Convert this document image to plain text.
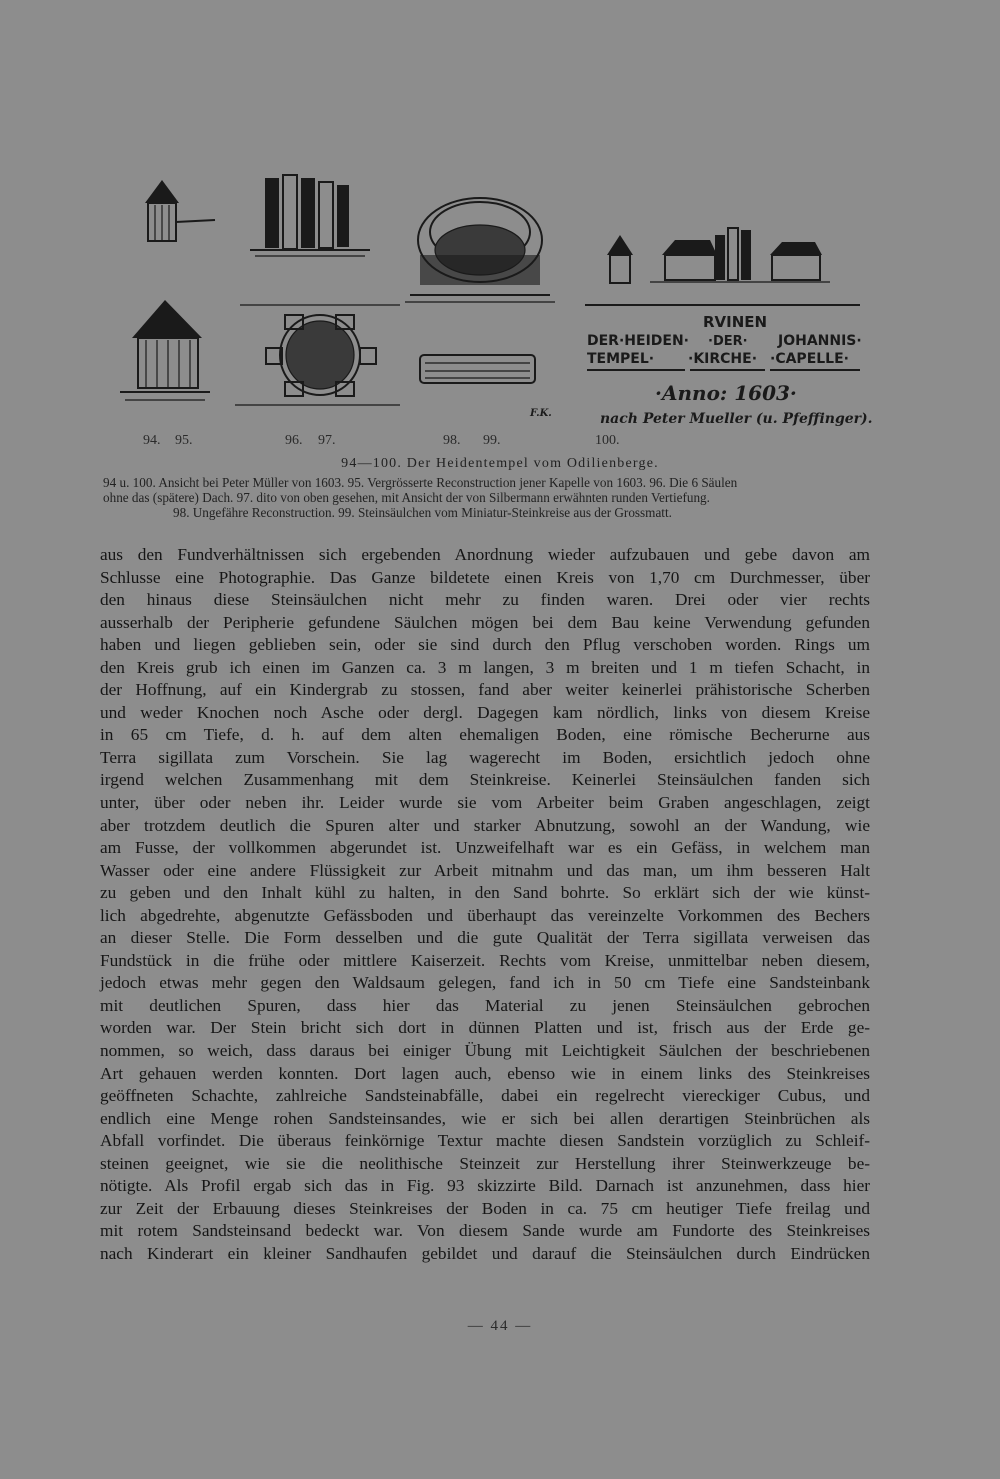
RVINEN
DER·HEIDEN· ·DER· JOHANNIS·
TEMPEL· ·KIRCHE· ·CAPELLE·
·Anno: 1603·
nach Peter Mueller (u. Pfeffinger).
F.K.
94. 95.	96. 97.	98. 99.	100.
94—100. Der Heidentempel vom Odilienberge.

94 u. 100. Ansicht bei Peter Müller von 1603. 95. Vergrösserte Reconstruction jener Kapelle von 1603. 96. Die 6 Säulen

ohne das (spätere) Dach. 97. dito von oben gesehen, mit Ansicht der von Silbermann erwähnten runden Vertiefung.

98. Ungefähre Reconstruction. 99. Steinsäulchen vom Miniatur-Steinkreise aus der Grossmatt.

aus den Fundverhältnissen sich ergebenden Anordnung wieder aufzubauen und gebe davon am
Schlusse eine Photographie. Das Ganze bildetete einen Kreis von 1,70 cm Durchmesser, über
den hinaus diese Steinsäulchen nicht mehr zu finden waren. Drei oder vier rechts
ausserhalb der Peripherie gefundene Säulchen mögen bei dem Bau keine Verwendung gefunden
haben und liegen geblieben sein, oder sie sind durch den Pflug verschoben worden. Rings um
den Kreis grub ich einen im Ganzen ca. 3 m langen, 3 m breiten und 1 m tiefen Schacht, in
der Hoffnung, auf ein Kindergrab zu stossen, fand aber weiter keinerlei prähistorische Scherben
und weder Knochen noch Asche oder dergl. Dagegen kam nördlich, links von diesem Kreise
in 65 cm Tiefe, d. h. auf dem alten ehemaligen Boden, eine römische Becherurne aus
Terra sigillata zum Vorschein. Sie lag wagerecht im Boden, ersichtlich jedoch ohne
irgend welchen Zusammenhang mit dem Steinkreise. Keinerlei Steinsäulchen fanden sich
unter, über oder neben ihr. Leider wurde sie vom Arbeiter beim Graben angeschlagen, zeigt
aber trotzdem deutlich die Spuren alter und starker Abnutzung, sowohl an der Wandung, wie
am Fusse, der vollkommen abgerundet ist. Unzweifelhaft war es ein Gefäss, in welchem man
Wasser oder eine andere Flüssigkeit zur Arbeit mitnahm und das man, um ihm besseren Halt
zu geben und den Inhalt kühl zu halten, in den Sand bohrte. So erklärt sich der wie künst-
lich abgedrehte, abgenutzte Gefässboden und überhaupt das vereinzelte Vorkommen des Bechers
an dieser Stelle. Die Form desselben und die gute Qualität der Terra sigillata verweisen das
Fundstück in die frühe oder mittlere Kaiserzeit. Rechts vom Kreise, unmittelbar neben diesem,
jedoch etwas mehr gegen den Waldsaum gelegen, fand ich in 50 cm Tiefe eine Sandsteinbank
mit deutlichen Spuren, dass hier das Material zu jenen Steinsäulchen gebrochen
worden war. Der Stein bricht sich dort in dünnen Platten und ist, frisch aus der Erde ge-
nommen, so weich, dass daraus bei einiger Übung mit Leichtigkeit Säulchen der beschriebenen
Art gehauen werden konnten. Dort lagen auch, ebenso wie in einem links des Steinkreises
geöffneten Schachte, zahlreiche Sandsteinabfälle, dabei ein regelrecht viereckiger Cubus, und
endlich eine Menge rohen Sandsteinsandes, wie er sich bei allen derartigen Steinbrüchen als
Abfall vorfindet. Die überaus feinkörnige Textur machte diesen Sandstein vorzüglich zu Schleif-
steinen geeignet, wie sie die neolithische Steinzeit zur Herstellung ihrer Steinwerkzeuge be-
nötigte. Als Profil ergab sich das in Fig. 93 skizzirte Bild. Darnach ist anzunehmen, dass hier
zur Zeit der Erbauung dieses Steinkreises der Boden in ca. 75 cm heutiger Tiefe freilag und
mit rotem Sandsteinsand bedeckt war. Von diesem Sande wurde am Fundorte des Steinkreises
nach Kinderart ein kleiner Sandhaufen gebildet und darauf die Steinsäulchen durch Eindrücken
— 44 —
